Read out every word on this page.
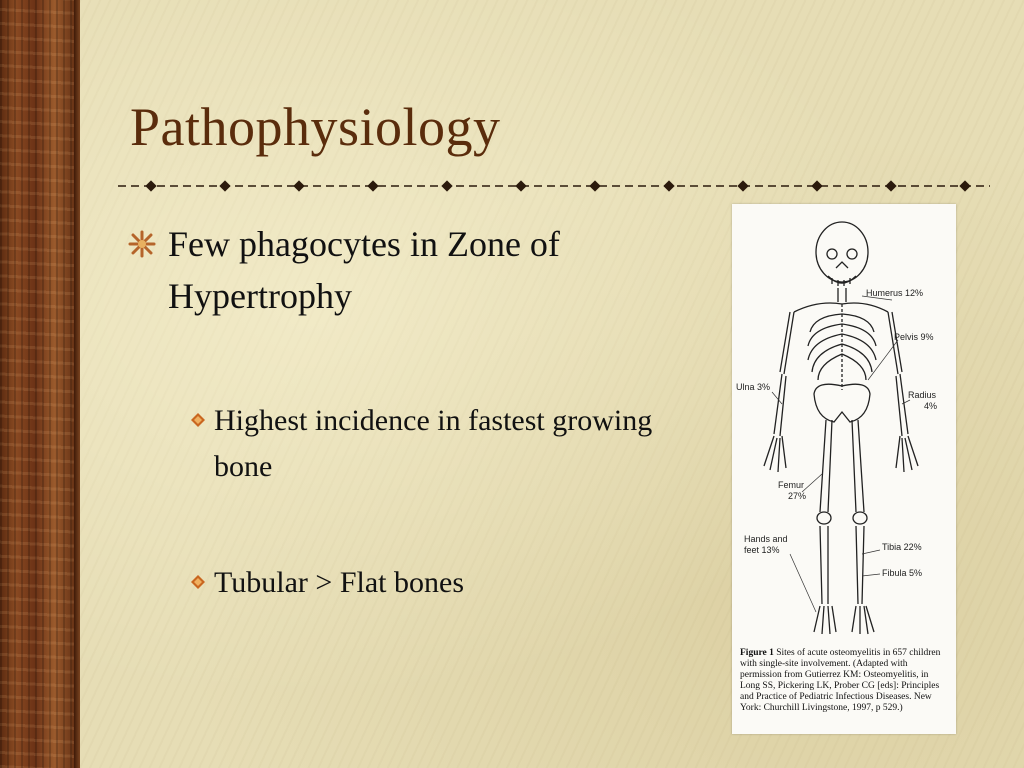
Pathophysiology
Few phagocytes in Zone of Hypertrophy
Highest incidence in fastest growing bone
Tubular > Flat bones
Humerus 12%
Pelvis 9%
Ulna 3%
Radius
4%
Femur
27%
Hands and
feet 13%	Tibia 22%
Fibula 5%
Figure 1 Sites of acute osteomyelitis in 657 children with single-site involvement. (Adapted with permission from Gutierrez KM: Osteomyelitis, in Long SS, Pickering LK, Prober CG [eds]: Principles and Practice of Pediatric Infectious Diseases. New York: Churchill Livingstone, 1997, p 529.)
